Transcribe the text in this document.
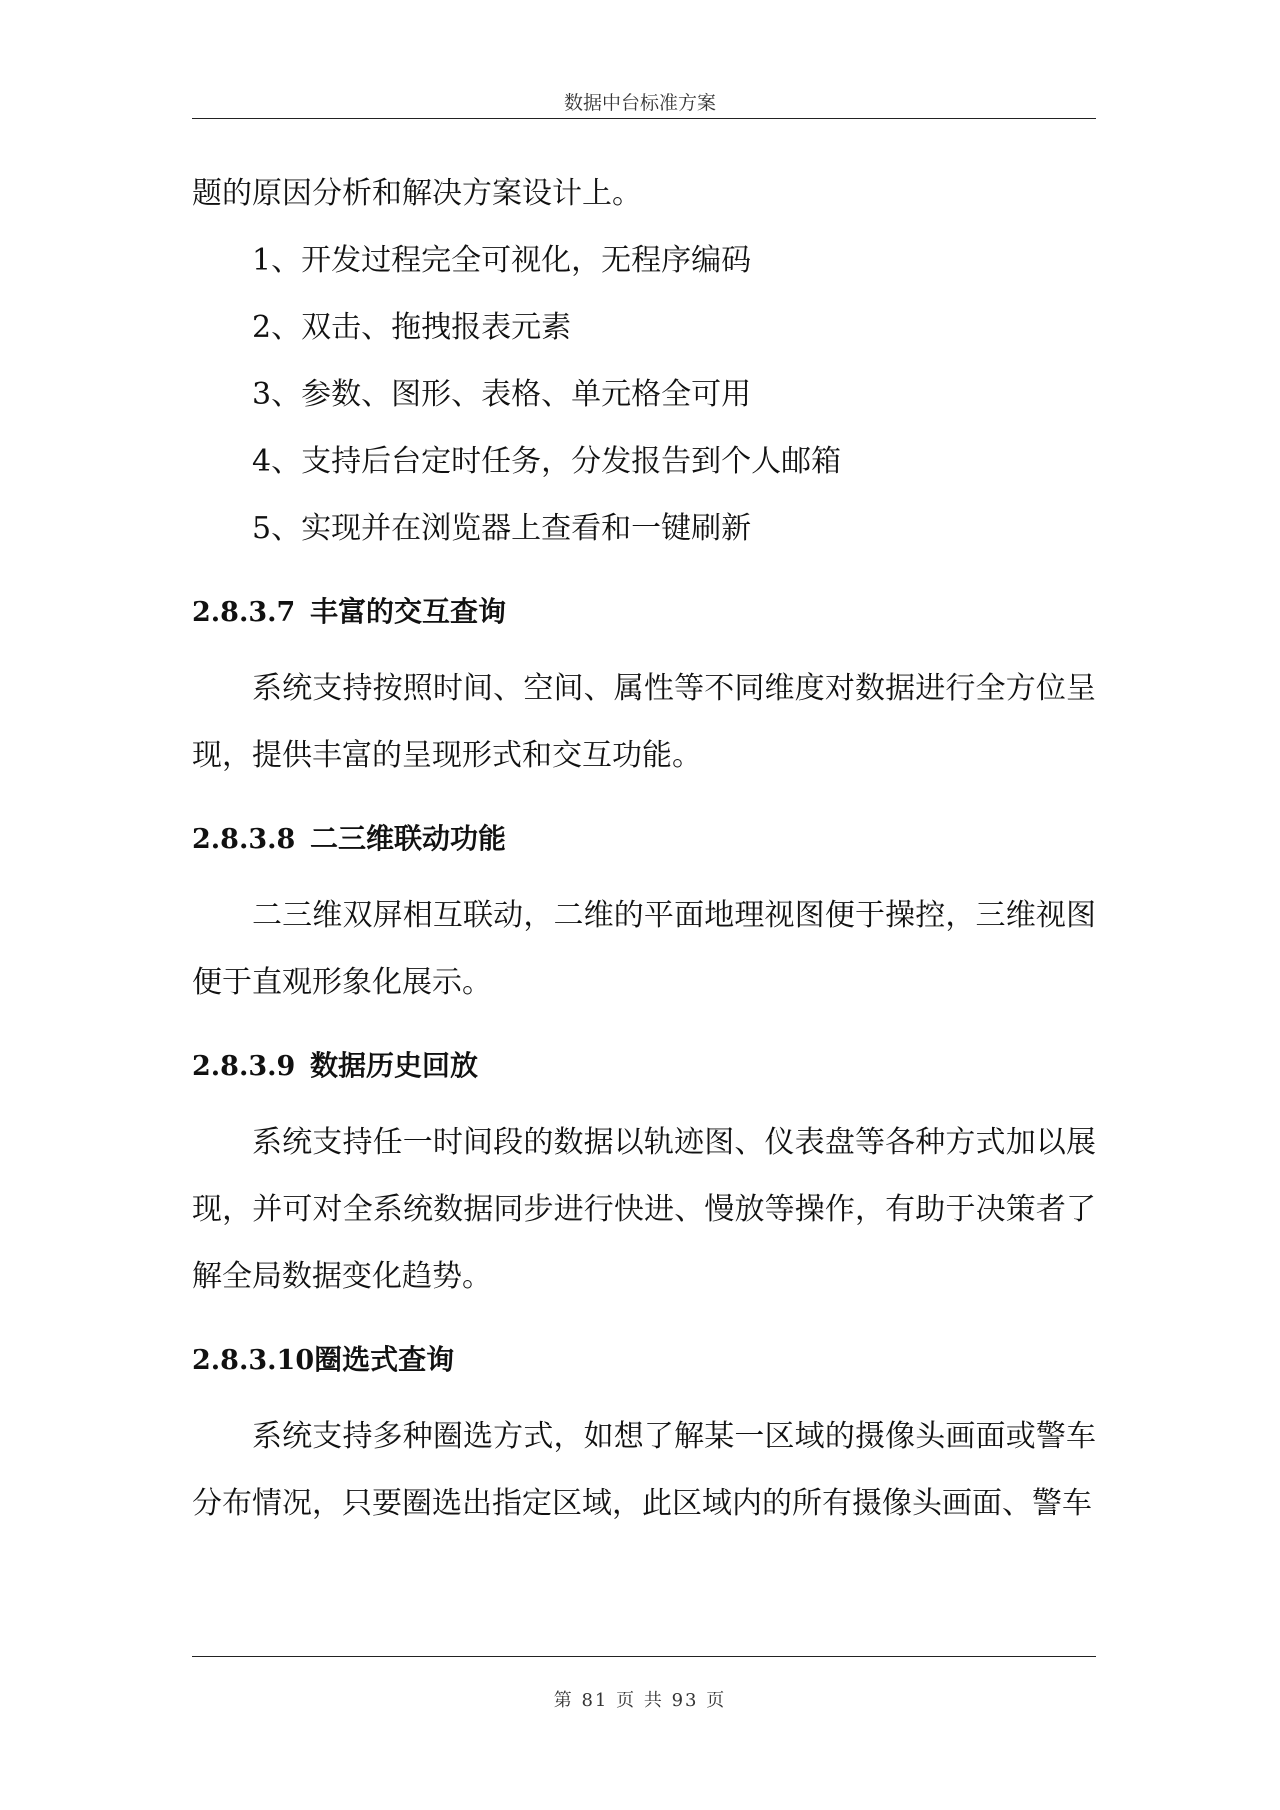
数据中台标准方案

题的原因分析和解决方案设计上。

1、开发过程完全可视化，无程序编码

2、双击、拖拽报表元素

3、参数、图形、表格、单元格全可用

4、支持后台定时任务，分发报告到个人邮箱

5、实现并在浏览器上查看和一键刷新

2.8.3.7 丰富的交互查询

系统支持按照时间、空间、属性等不同维度对数据进行全方位呈现，提供丰富的呈现形式和交互功能。

2.8.3.8 二三维联动功能

二三维双屏相互联动，二维的平面地理视图便于操控，三维视图便于直观形象化展示。

2.8.3.9 数据历史回放

系统支持任一时间段的数据以轨迹图、仪表盘等各种方式加以展现，并可对全系统数据同步进行快进、慢放等操作，有助于决策者了解全局数据变化趋势。

2.8.3.10 圈选式查询

系统支持多种圈选方式，如想了解某一区域的摄像头画面或警车分布情况，只要圈选出指定区域，此区域内的所有摄像头画面、警车

第 81 页 共 93 页
